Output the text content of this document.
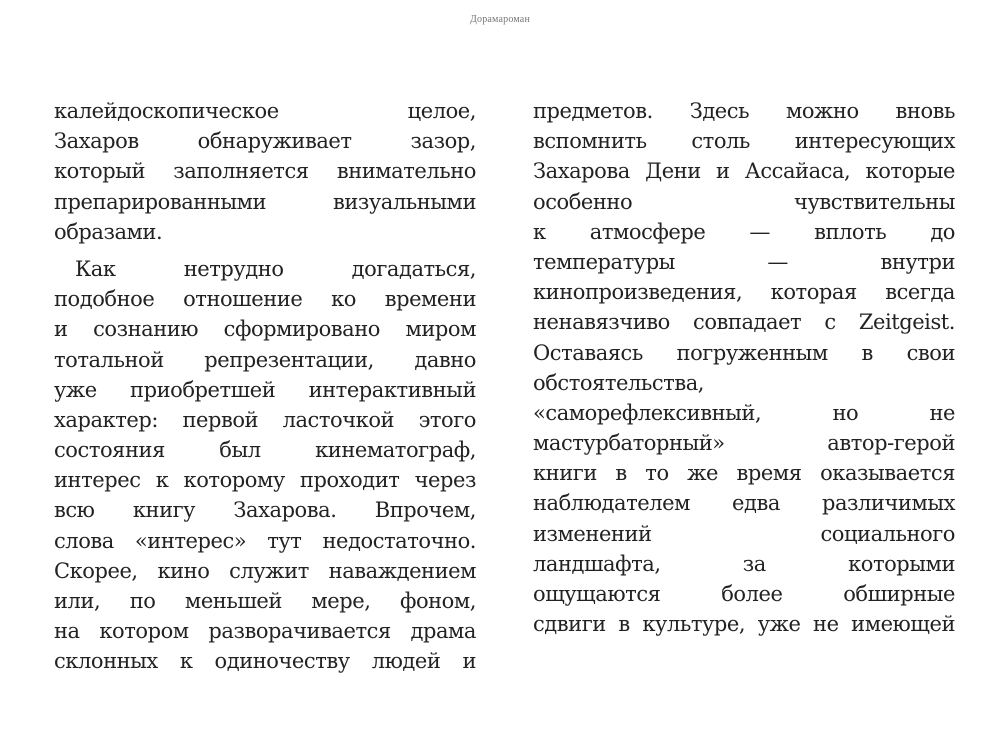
Дорамароман
калейдоскопическое целое,
Захаров обнаруживает зазор,
который заполняется внимательно
препарированными визуальными
образами.
Как нетрудно догадаться,
подобное отношение ко времени
и сознанию сформировано миром
тотальной репрезентации, давно
уже приобретшей интерактивный
характер: первой ласточкой этого
состояния был кинематограф,
интерес к которому проходит через
всю книгу Захарова. Впрочем,
слова «интерес» тут недостаточно.
Скорее, кино служит наваждением
или, по меньшей мере, фоном,
на котором разворачивается драма
склонных к одиночеству людей и
предметов. Здесь можно вновь
вспомнить столь интересующих
Захарова Дени и Ассайаса, которые
особенно чувствительны
к атмосфере — вплоть до
температуры — внутри
кинопроизведения, которая всегда
ненавязчиво совпадает с Zeitgeist.
Оставаясь погруженным в свои
обстоятельства,
«саморефлексивный, но не
мастурбаторный» автор-герой
книги в то же время оказывается
наблюдателем едва различимых
изменений социального
ландшафта, за которыми
ощущаются более обширные
сдвиги в культуре, уже не имеющей
